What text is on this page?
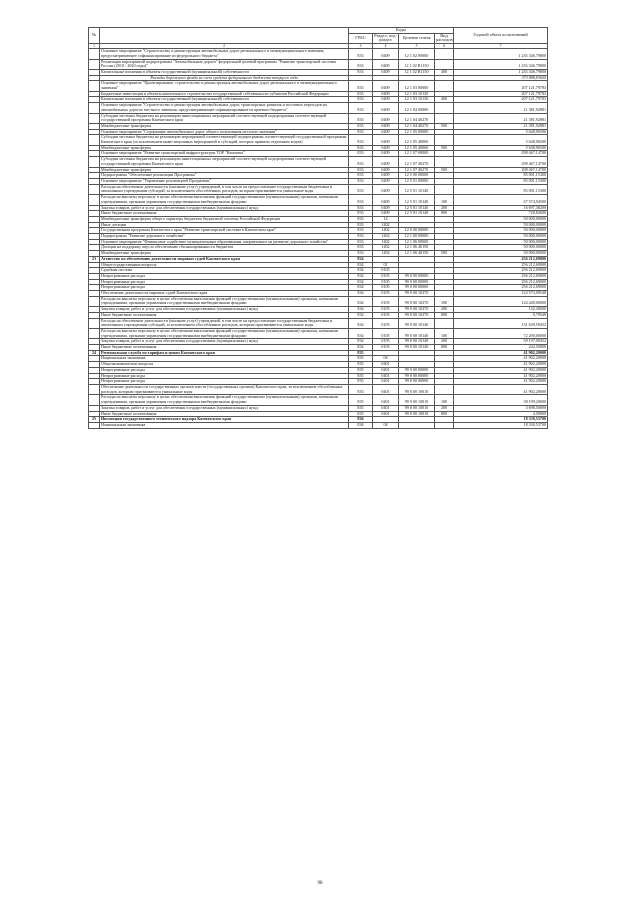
№		Коды				Годовой объем ассигнований
		ГРБС	Раздел, под-раздел	Целевая статья	Вид расходов	
1	2	3	4	5	6	7
	Основное мероприятие "Строительство и реконструкция автомобильных дорог регионального и межмуниципального значения, предусматривающее софинансирование из федерального бюджета"	833	0409	12 1 02 00000		1 233 346,79800
	Реализация мероприятий подпрограммы "Автомобильные дороги" федеральной целевой программы "Развитие транспортной системы России (2010 - 2020 годы)"	833	0409	12 1 02 R1150		1 233 346,79800
	Капитальные вложения в объекты государственной (муниципальной) собственности	833	0409	12 1 02 R1150	400	1 233 346,79800
	Расходы дорожного фонда за счет средств федерального бюджета текущего года					373 988,83600
	Основное мероприятие "Проектирование, строительство и реконструкция автомобильных дорог регионального и межмуниципального значения"	833	0409	12 1 03 00000		207 121,79783
	Бюджетные инвестиции в объекты капитального строительства государственной собственности субъектов Российской Федерации	833	0409	12 1 03 10130		207 121,79783
	Капитальные вложения в объекты государственной (муниципальной) собственности	833	0409	12 1 03 10130	400	207 121,79783
	Основное мероприятие "Строительство и реконструкция автомобильных дорог, транспортных развязок и мостовых переходов на автомобильных дорогах местного значения, предусматривающее софинансирование из краевого бюджета"	833	0409	12 1 04 00000		21 381,92881
	Субсидии местным бюджетам на реализацию инвестиционных мероприятий соответствующей подпрограммы соответствующей государственной программы Камчатского края	833	0409	12 1 04 40270		21 381,92881
	Межбюджетные трансферты	833	0409	12 1 04 40270	500	21 381,92881
	Основное мероприятие "Содержание автомобильных дорог общего пользования местного значения"	833	0409	12 1 05 00000		5 648,96500
	Субсидии местным бюджетам на реализацию мероприятий соответствующей подпрограммы соответствующей государственной программы Камчатского края (за исключением инвестиционных мероприятий и субсидий, которые приняты отдельным кодом)	833	0409	12 1 05 40060		5 648,96500
	Межбюджетные трансферты	833	0409	12 1 05 40060	500	5 648,96500
	Основное мероприятие "Развитие транспортной инфраструктуры ТОР "Камчатка"	833	0409	12 1 07 00000		298 467,14700
	Субсидии местным бюджетам на реализацию инвестиционных мероприятий соответствующей подпрограммы соответствующей государственной программы Камчатского края	833	0409	12 1 07 40270		298 467,14700
	Межбюджетные трансферты	833	0409	12 1 07 40270	500	298 467,14700
	Подпрограмма "Обеспечение реализации Программы"	833	0409	12 5 00 00000		85 001,15300
	Основное мероприятие "Управление реализацией Программы"	833	0409	12 5 01 00000		85 001,15300
	Расходы на обеспечение деятельности (оказание услуг) учреждений, в том числе на предоставление государственным бюджетным и автономным учреждениям субсидий, за исключением обособленных расходов, которым присваиваются уникальные коды	833	0409	12 5 01 10140		85 001,15300
	Расходы на выплаты персоналу в целях обеспечения выполнения функций государственными (муниципальными) органами, казенными учреждениями, органами управления государственными внебюджетными фондами	833	0409	12 5 01 10140	100	67 574,94500
	Закупка товаров, работ и услуг для обеспечения государственных (муниципальных) нужд	833	0409	12 5 01 10140	200	16 697,38200
	Иные бюджетные ассигнования	833	0409	12 5 01 10140	800	728,82600
	Межбюджетные трансферты общего характера бюджетам бюджетной системы Российской Федерации	833	14			50 000,00000
	Иные дотации	833	1402			50 000,00000
	Государственная программа Камчатского края "Развитие транспортной системы в Камчатском крае"	833	1402	12 0 00 00000		50 000,00000
	Подпрограмма "Развитие дорожного хозяйства"	833	1402	12 1 00 00000		50 000,00000
	Основное мероприятие "Финансовое содействие муниципальным образованиям, направленное на развитие дорожного хозяйства"	833	1402	12 1 06 00000		50 000,00000
	Дотации на поддержку мер по обеспечению сбалансированности бюджетов	833	1402	12 1 06 40150		50 000,00000
	Межбюджетные трансферты	833	1402	12 1 06 40150	500	50 000,00000
23	Агентство по обеспечению деятельности мировых судей Камчатского края	834				256 212,69000
	Общегосударственные вопросы	834	01			256 212,69000
	Судебная система	834	0105			256 212,69000
	Непрограммные расходы	834	0105	99 0 00 00000		256 212,69000
	Непрограммные расходы	834	0105	99 0 00 00000		256 212,69000
	Непрограммные расходы	834	0105	99 0 00 00000		256 212,69000
	Обеспечение деятельности мировых судей Камчатского края	834	0105	99 0 00 10270		124 573,09548
	Расходы на выплаты персоналу в целях обеспечения выполнения функций государственными (муниципальными) органами, казенными учреждениями, органами управления государственными внебюджетными фондами	834	0105	99 0 00 10270	100	124 440,00000
	Закупка товаров, работ и услуг для обеспечения государственных (муниципальных) нужд	834	0105	99 0 00 10270	200	132,30000
	Иные бюджетные ассигнования	834	0105	99 0 00 10270	800	0,79548
	Расходы на обеспечение деятельности (оказание услуг) учреждений, в том числе на предоставление государственным бюджетным и автономным учреждениям субсидий, за исключением обособленных расходов, которым присваиваются уникальные коды	834	0105	99 0 00 10140		131 639,59452
	Расходы на выплаты персоналу в целях обеспечения выполнения функций государственными (муниципальными) органами, казенными учреждениями, органами управления государственными внебюджетными фондами	834	0105	99 0 00 10140	100	72 200,00000
	Закупка товаров, работ и услуг для обеспечения государственных (муниципальных) нужд	834	0105	99 0 00 10140	200	59 197,09452
	Иные бюджетные ассигнования	834	0105	99 0 00 10140	800	242,50000
24	Региональная служба по тарифам и ценам Камчатского края	835				41 902,20000
	Национальная экономика	835	04			41 902,20000
	Общеэкономические вопросы	835	0401			41 902,20000
	Непрограммные расходы	835	0401	99 0 00 00000		41 902,20000
	Непрограммные расходы	835	0401	99 0 00 00000		41 902,20000
	Непрограммные расходы	835	0401	99 0 00 00000		41 902,20000
	Обеспечение деятельности государственных органов власти (государственных органов) Камчатского края, за исключением обособленных расходов, которым присваиваются уникальные коды	835	0401	99 0 00 10010		41 902,20000
	Расходы на выплаты персоналу в целях обеспечения выполнения функций государственными (муниципальными) органами, казенными учреждениями, органами управления государственными внебюджетными фондами	835	0401	99 0 00 10010	100	38 199,20000
	Закупка товаров, работ и услуг для обеспечения государственных (муниципальных) нужд	835	0401	99 0 00 10010	200	3 698,50000
	Иные бюджетные ассигнования	835	0401	99 0 00 10010	800	4,50000
25	Инспекция государственного технического надзора Камчатского края	836				18 330,53700
	Национальная экономика	836	04			18 330,53700
98
